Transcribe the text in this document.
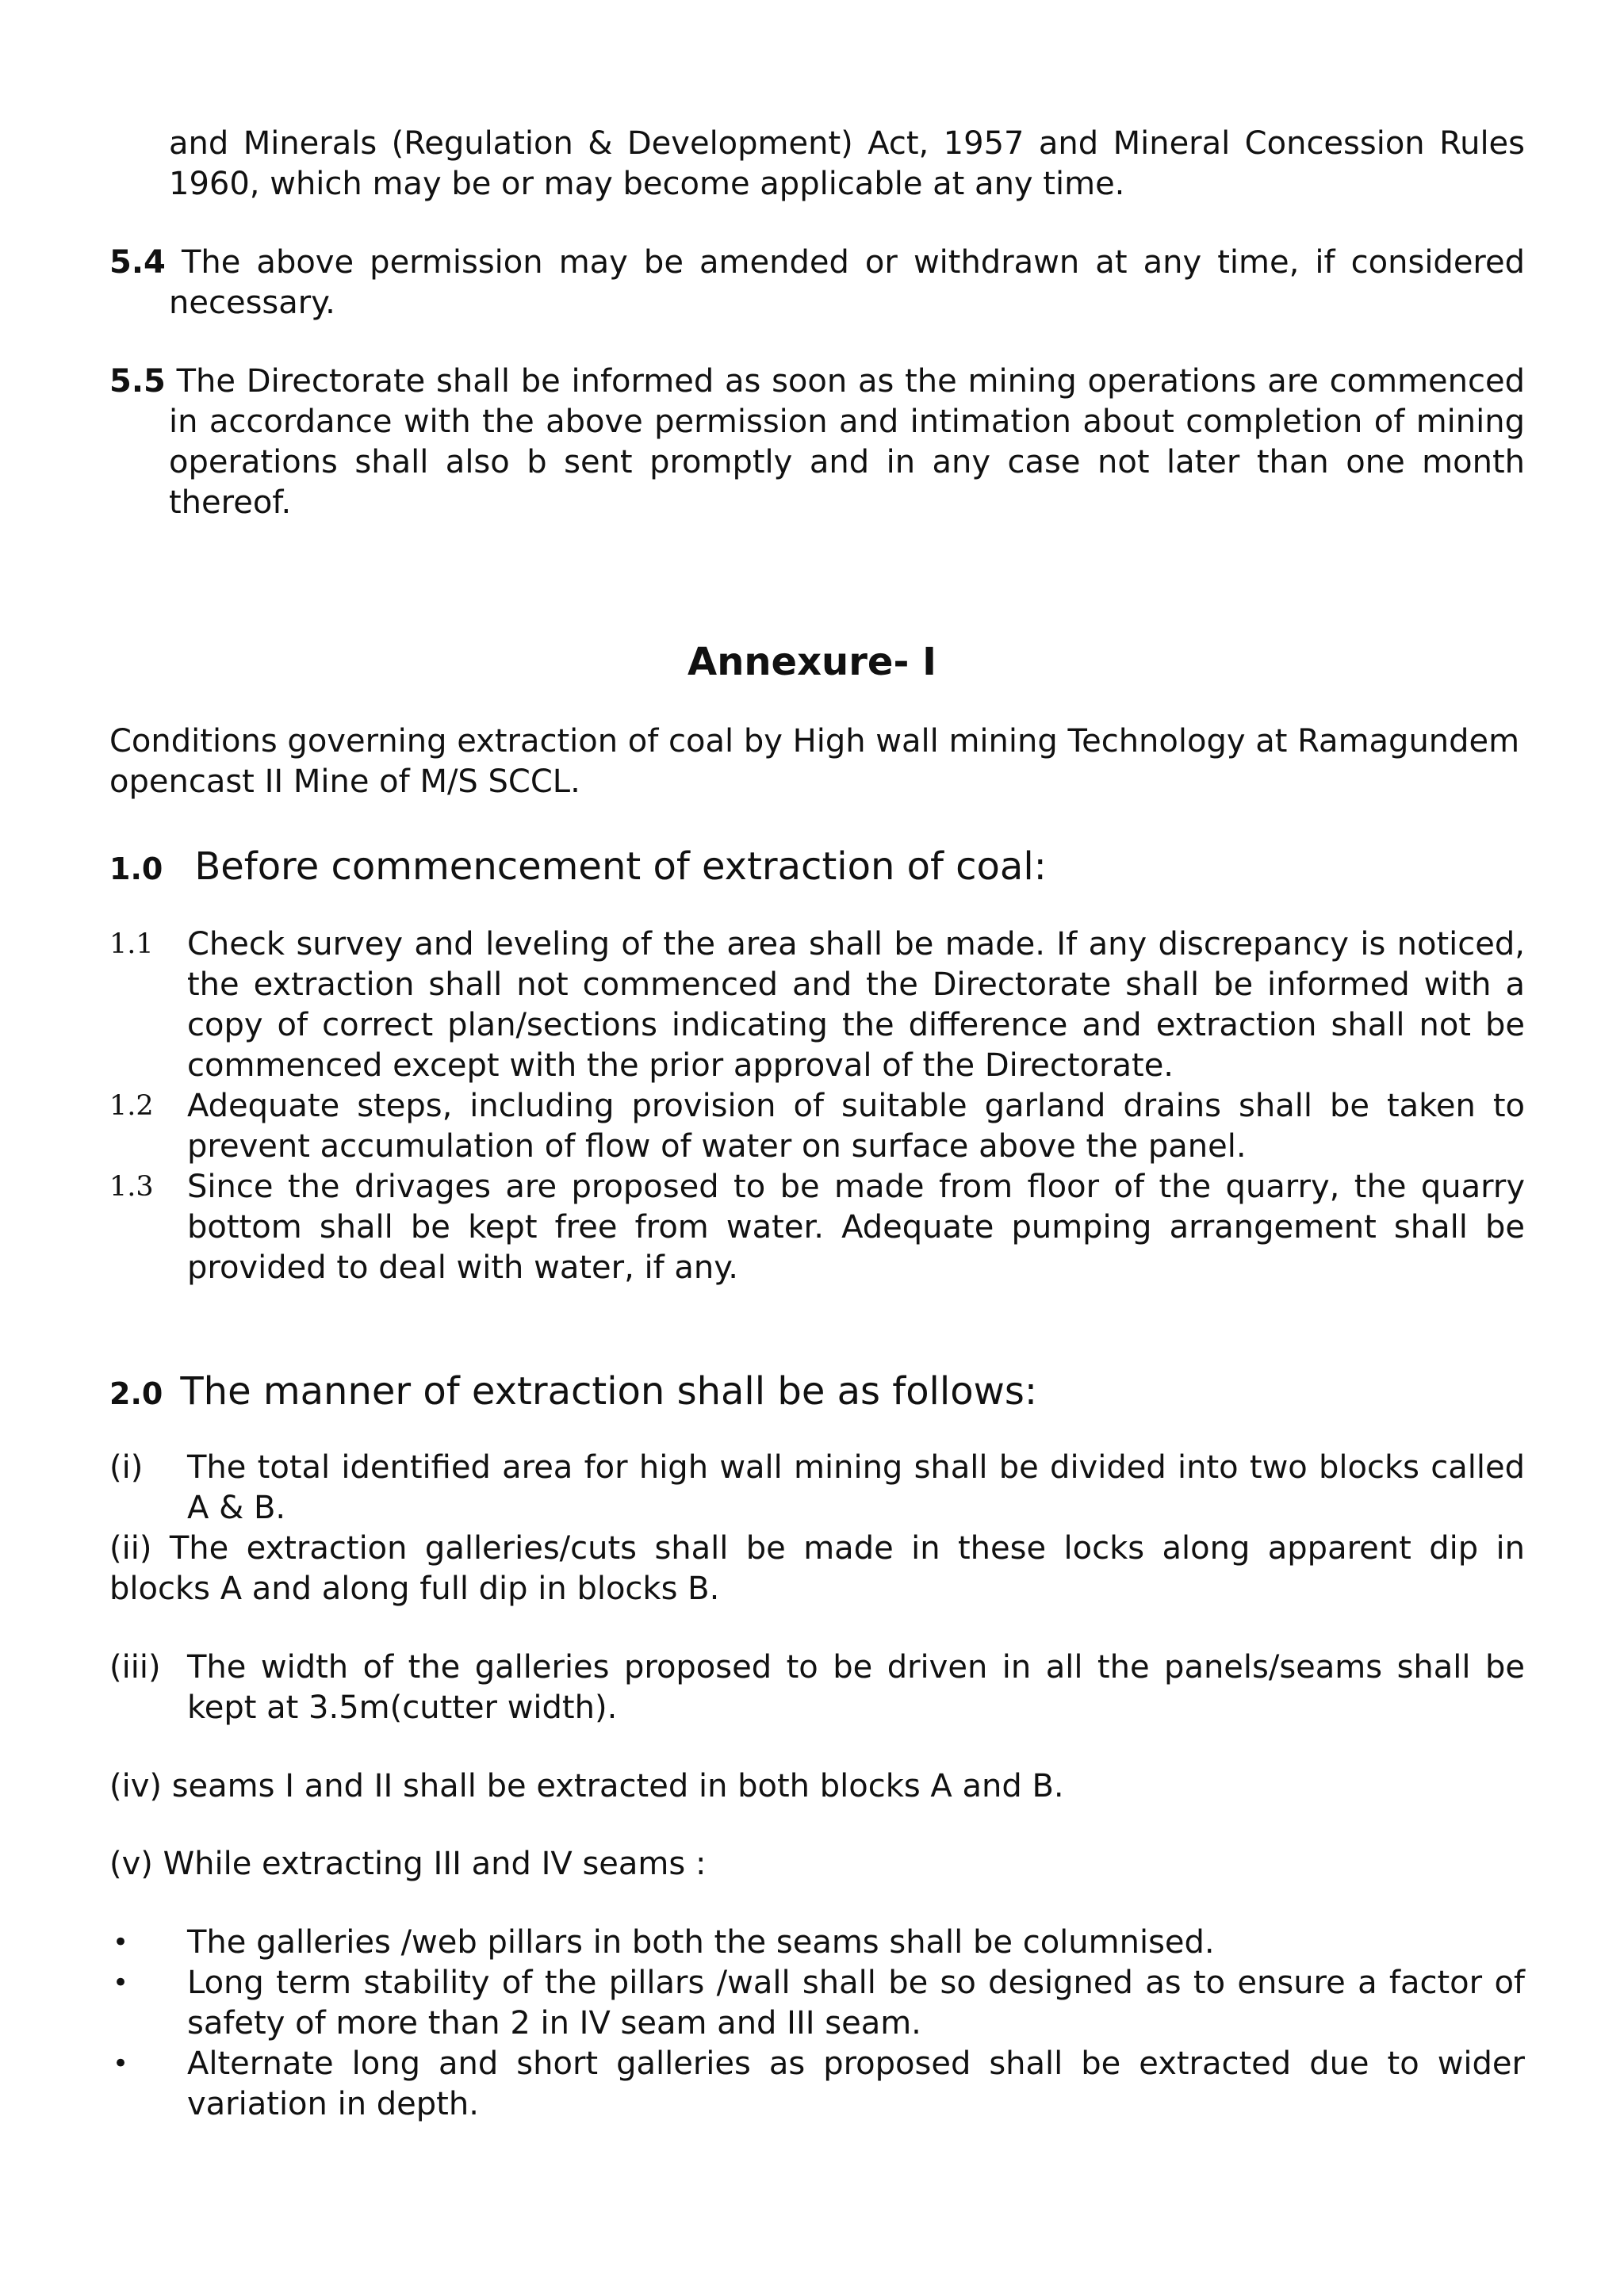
and Minerals (Regulation & Development) Act, 1957 and Mineral Concession Rules 1960, which may be or may become applicable at any time.

5.4 The above permission may be amended or withdrawn at any time, if considered necessary.

5.5 The Directorate shall be informed as soon as the mining operations are commenced in accordance with the above permission and intimation about completion of mining operations shall also b sent promptly and in any case not later than one month thereof.

Annexure- I

Conditions governing extraction of coal by High wall mining Technology at Ramagundem opencast II Mine of M/S SCCL.

1.0 Before commencement of extraction of coal:
1.1	Check survey and leveling of the area shall be made. If any discrepancy is noticed, the extraction shall not commenced and the Directorate shall be informed with a copy of correct plan/sections indicating the difference and extraction shall not be commenced except with the prior approval of the Directorate.
1.2	Adequate steps, including provision of suitable garland drains shall be taken to prevent accumulation of flow of water on surface above the panel.
1.3	Since the drivages are proposed to be made from floor of the quarry, the quarry bottom shall be kept free from water. Adequate pumping arrangement shall be provided to deal with water, if any.
2.0 The manner of extraction shall be as follows:
(i)	The total identified area for high wall mining shall be divided into two blocks called A & B.

(ii) The extraction galleries/cuts shall be made in these locks along apparent dip in blocks A and along full dip in blocks B.

(iii) The width of the galleries proposed to be driven in all the panels/seams shall be kept at 3.5m(cutter width).

(iv) seams I and II shall be extracted in both blocks A and B.

(v) While extracting III and IV seams :

•	The galleries /web pillars in both the seams shall be columnised.
•	Long term stability of the pillars /wall shall be so designed as to ensure a factor of safety of more than 2 in IV seam and III seam.
•	Alternate long and short galleries as proposed shall be extracted due to wider variation in depth.
